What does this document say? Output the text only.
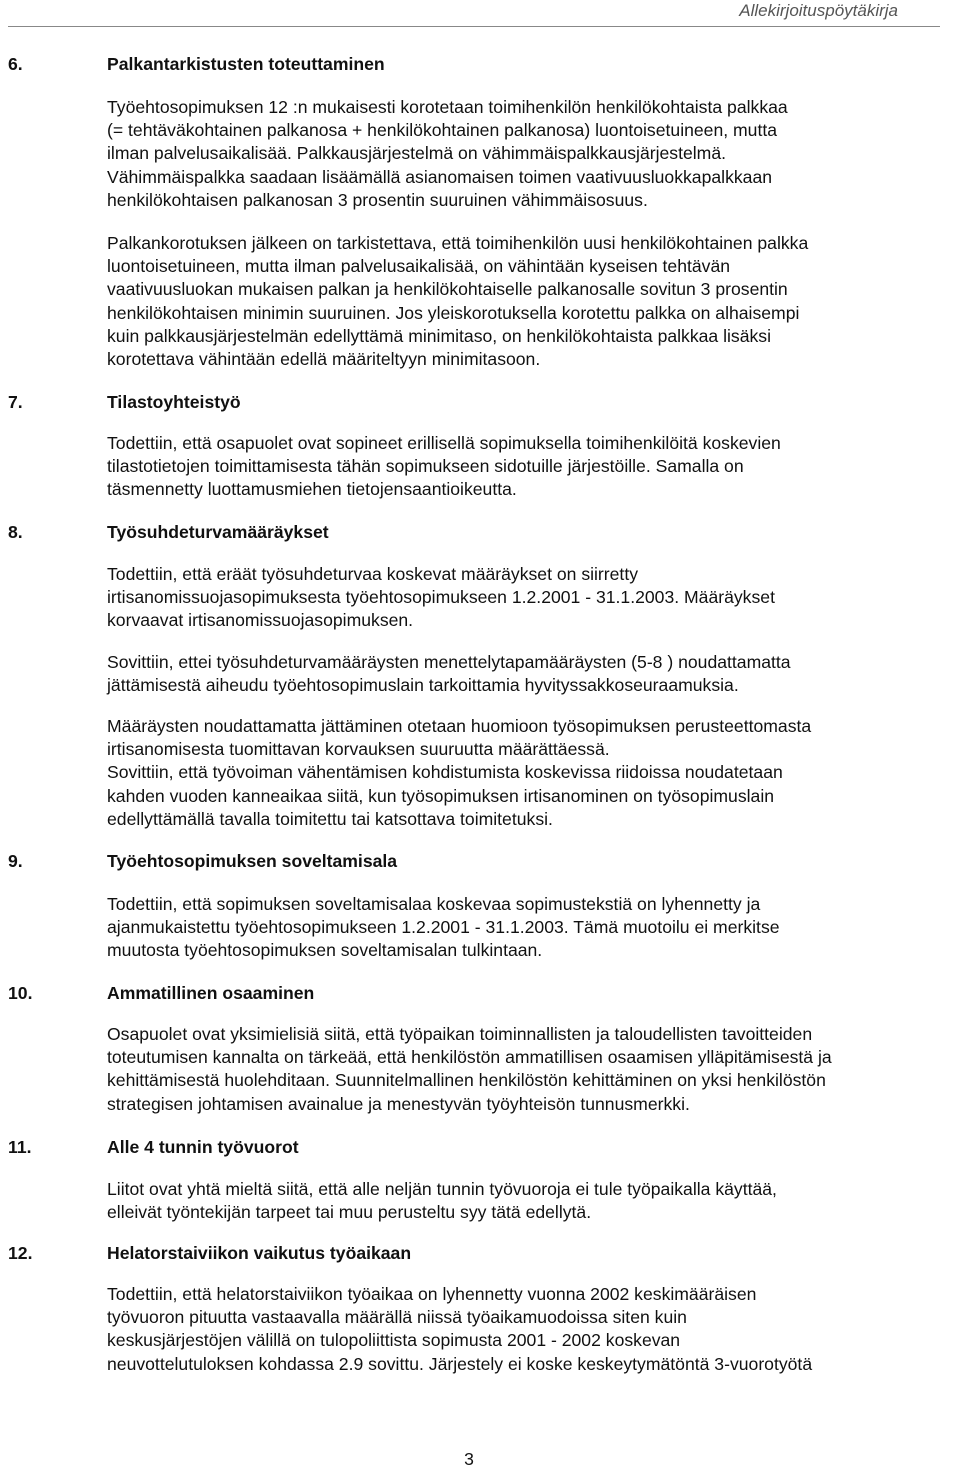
Allekirjoituspöytäkirja
6.	Palkantarkistusten toteuttaminen

Työehtosopimuksen 12 :n mukaisesti korotetaan toimihenkilön henkilökohtaista palkkaa
(= tehtäväkohtainen palkanosa + henkilökohtainen palkanosa) luontoisetuineen, mutta
ilman palvelusaikalisää. Palkkausjärjestelmä on vähimmäispalkkausjärjestelmä.
Vähimmäispalkka saadaan lisäämällä asianomaisen toimen vaativuusluokkapalkkaan
henkilökohtaisen palkanosan 3 prosentin suuruinen vähimmäisosuus.

Palkankorotuksen jälkeen on tarkistettava, että toimihenkilön uusi henkilökohtainen palkka
luontoisetuineen, mutta ilman palvelusaikalisää, on vähintään kyseisen tehtävän
vaativuusluokan mukaisen palkan ja henkilökohtaiselle palkanosalle sovitun 3 prosentin
henkilökohtaisen minimin suuruinen. Jos yleiskorotuksella korotettu palkka on alhaisempi
kuin palkkausjärjestelmän edellyttämä minimitaso, on henkilökohtaista palkkaa lisäksi
korotettava vähintään edellä määriteltyyn minimitasoon.

7.	Tilastoyhteistyö

Todettiin, että osapuolet ovat sopineet erillisellä sopimuksella toimihenkilöitä koskevien
tilastotietojen toimittamisesta tähän sopimukseen sidotuille järjestöille. Samalla on
täsmennetty luottamusmiehen tietojensaantioikeutta.

8.	Työsuhdeturvamääräykset

Todettiin, että eräät työsuhdeturvaa koskevat määräykset on siirretty
irtisanomissuojasopimuksesta työehtosopimukseen 1.2.2001 - 31.1.2003. Määräykset
korvaavat irtisanomissuojasopimuksen.

Sovittiin, ettei työsuhdeturvamääräysten menettelytapamääräysten (5-8 ) noudattamatta
jättämisestä aiheudu työehtosopimuslain tarkoittamia hyvityssakkoseuraamuksia.

Määräysten noudattamatta jättäminen otetaan huomioon työsopimuksen perusteettomasta
irtisanomisesta tuomittavan korvauksen suuruutta määrättäessä.
Sovittiin, että työvoiman vähentämisen kohdistumista koskevissa riidoissa noudatetaan
kahden vuoden kanneaikaa siitä, kun työsopimuksen irtisanominen on työsopimuslain
edellyttämällä tavalla toimitettu tai katsottava toimitetuksi.

9.	Työehtosopimuksen soveltamisala

Todettiin, että sopimuksen soveltamisalaa koskevaa sopimustekstiä on lyhennetty ja
ajanmukaistettu työehtosopimukseen 1.2.2001 - 31.1.2003. Tämä muotoilu ei merkitse
muutosta työehtosopimuksen soveltamisalan tulkintaan.

10.	Ammatillinen osaaminen

Osapuolet ovat yksimielisiä siitä, että työpaikan toiminnallisten ja taloudellisten tavoitteiden
toteutumisen kannalta on tärkeää, että henkilöstön ammatillisen osaamisen ylläpitämisestä ja
kehittämisestä huolehditaan. Suunnitelmallinen henkilöstön kehittäminen on yksi henkilöstön
strategisen johtamisen avainalue ja menestyvän työyhteisön tunnusmerkki.

11.	Alle 4 tunnin työvuorot

Liitot ovat yhtä mieltä siitä, että alle neljän tunnin työvuoroja ei tule työpaikalla käyttää,
elleivät työntekijän tarpeet tai muu perusteltu syy tätä edellytä.

12.	Helatorstaiviikon vaikutus työaikaan

Todettiin, että helatorstaiviikon työaikaa on lyhennetty vuonna 2002 keskimääräisen
työvuoron pituutta vastaavalla määrällä niissä työaikamuodoissa siten kuin
keskusjärjestöjen välillä on tulopoliittista sopimusta 2001 - 2002 koskevan
neuvottelutuloksen kohdassa 2.9 sovittu. Järjestely ei koske keskeytymätöntä 3-vuorotyötä

3
